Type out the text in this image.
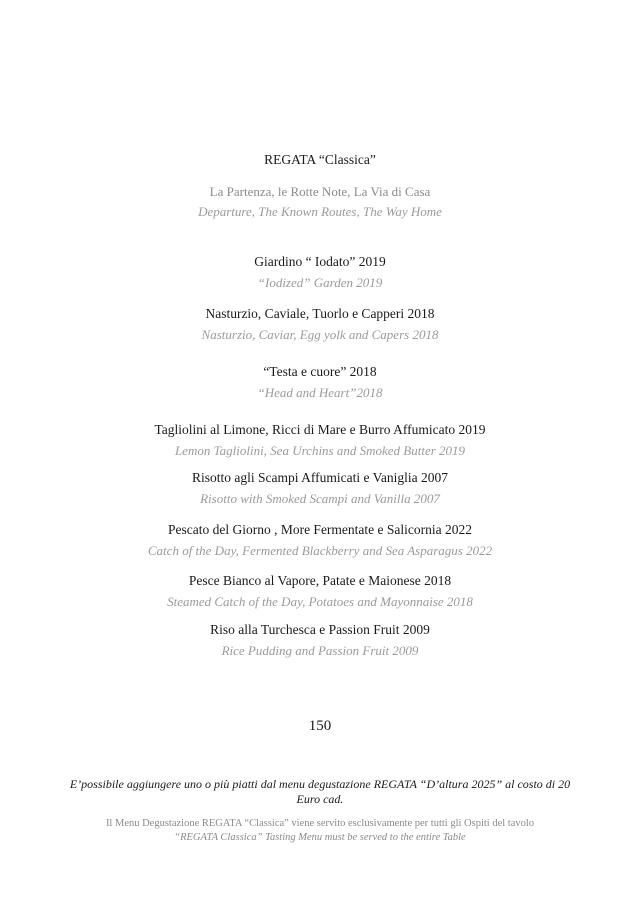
REGATA “Classica”
La Partenza, le Rotte Note, La Via di Casa
Departure, The Known Routes, The Way Home
Giardino “ Iodato” 2019
“Iodized” Garden 2019
Nasturzio, Caviale, Tuorlo e Capperi 2018
Nasturzio, Caviar, Egg yolk and Capers 2018
“Testa e cuore” 2018
“Head and Heart”2018
Tagliolini al Limone, Ricci di Mare e Burro Affumicato 2019
Lemon Tagliolini, Sea Urchins and Smoked Butter 2019
Risotto agli Scampi Affumicati e Vaniglia 2007
Risotto with Smoked Scampi and Vanilla 2007
Pescato del Giorno , More Fermentate e Salicornia 2022
Catch of the Day, Fermented Blackberry and Sea Asparagus 2022
Pesce Bianco al Vapore, Patate e Maionese 2018
Steamed Catch of the Day, Potatoes and Mayonnaise 2018
Riso alla Turchesca e Passion Fruit 2009
Rice Pudding and Passion Fruit 2009
150
E’possibile aggiungere uno o più piatti dal menu degustazione REGATA “D’altura 2025” al costo di 20 Euro cad.
Il Menu Degustazione REGATA “Classica” viene servito esclusivamente per tutti gli Ospiti del tavolo
“REGATA Classica” Tasting Menu must be served to the entire Table
